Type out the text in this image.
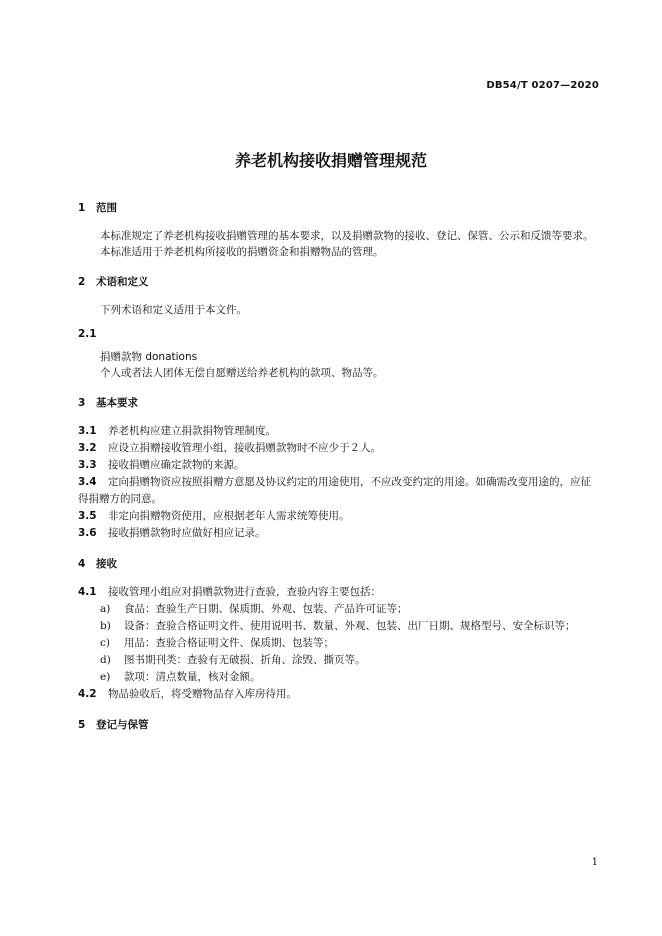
DB54/T 0207—2020
养老机构接收捐赠管理规范

1 范围

本标准规定了养老机构接收捐赠管理的基本要求，以及捐赠款物的接收、登记、保管、公示和反馈等要求。

本标准适用于养老机构所接收的捐赠资金和捐赠物品的管理。

2 术语和定义

下列术语和定义适用于本文件。

2.1

捐赠款物 donations

个人或者法人团体无偿自愿赠送给养老机构的款项、物品等。

3 基本要求

3.1 养老机构应建立捐款捐物管理制度。

3.2 应设立捐赠接收管理小组，接收捐赠款物时不应少于２人。

3.3 接收捐赠应确定款物的来源。

3.4 定向捐赠物资应按照捐赠方意愿及协议约定的用途使用，不应改变约定的用途。如确需改变用途的，应征得捐赠方的同意。

3.5 非定向捐赠物资使用，应根据老年人需求统筹使用。

3.6 接收捐赠款物时应做好相应记录。

4 接收

4.1 接收管理小组应对捐赠款物进行查验，查验内容主要包括：

a) 食品：查验生产日期、保质期、外观、包装、产品许可证等；
b) 设备：查验合格证明文件、使用说明书、数量、外观、包装、出厂日期、规格型号、安全标识等；
c) 用品：查验合格证明文件、保质期、包装等；
d) 图书期刊类：查验有无破损、折角、涂毁、撕页等。
e) 款项：清点数量，核对金额。

4.2 物品验收后，将受赠物品存入库房待用。

5 登记与保管

1
